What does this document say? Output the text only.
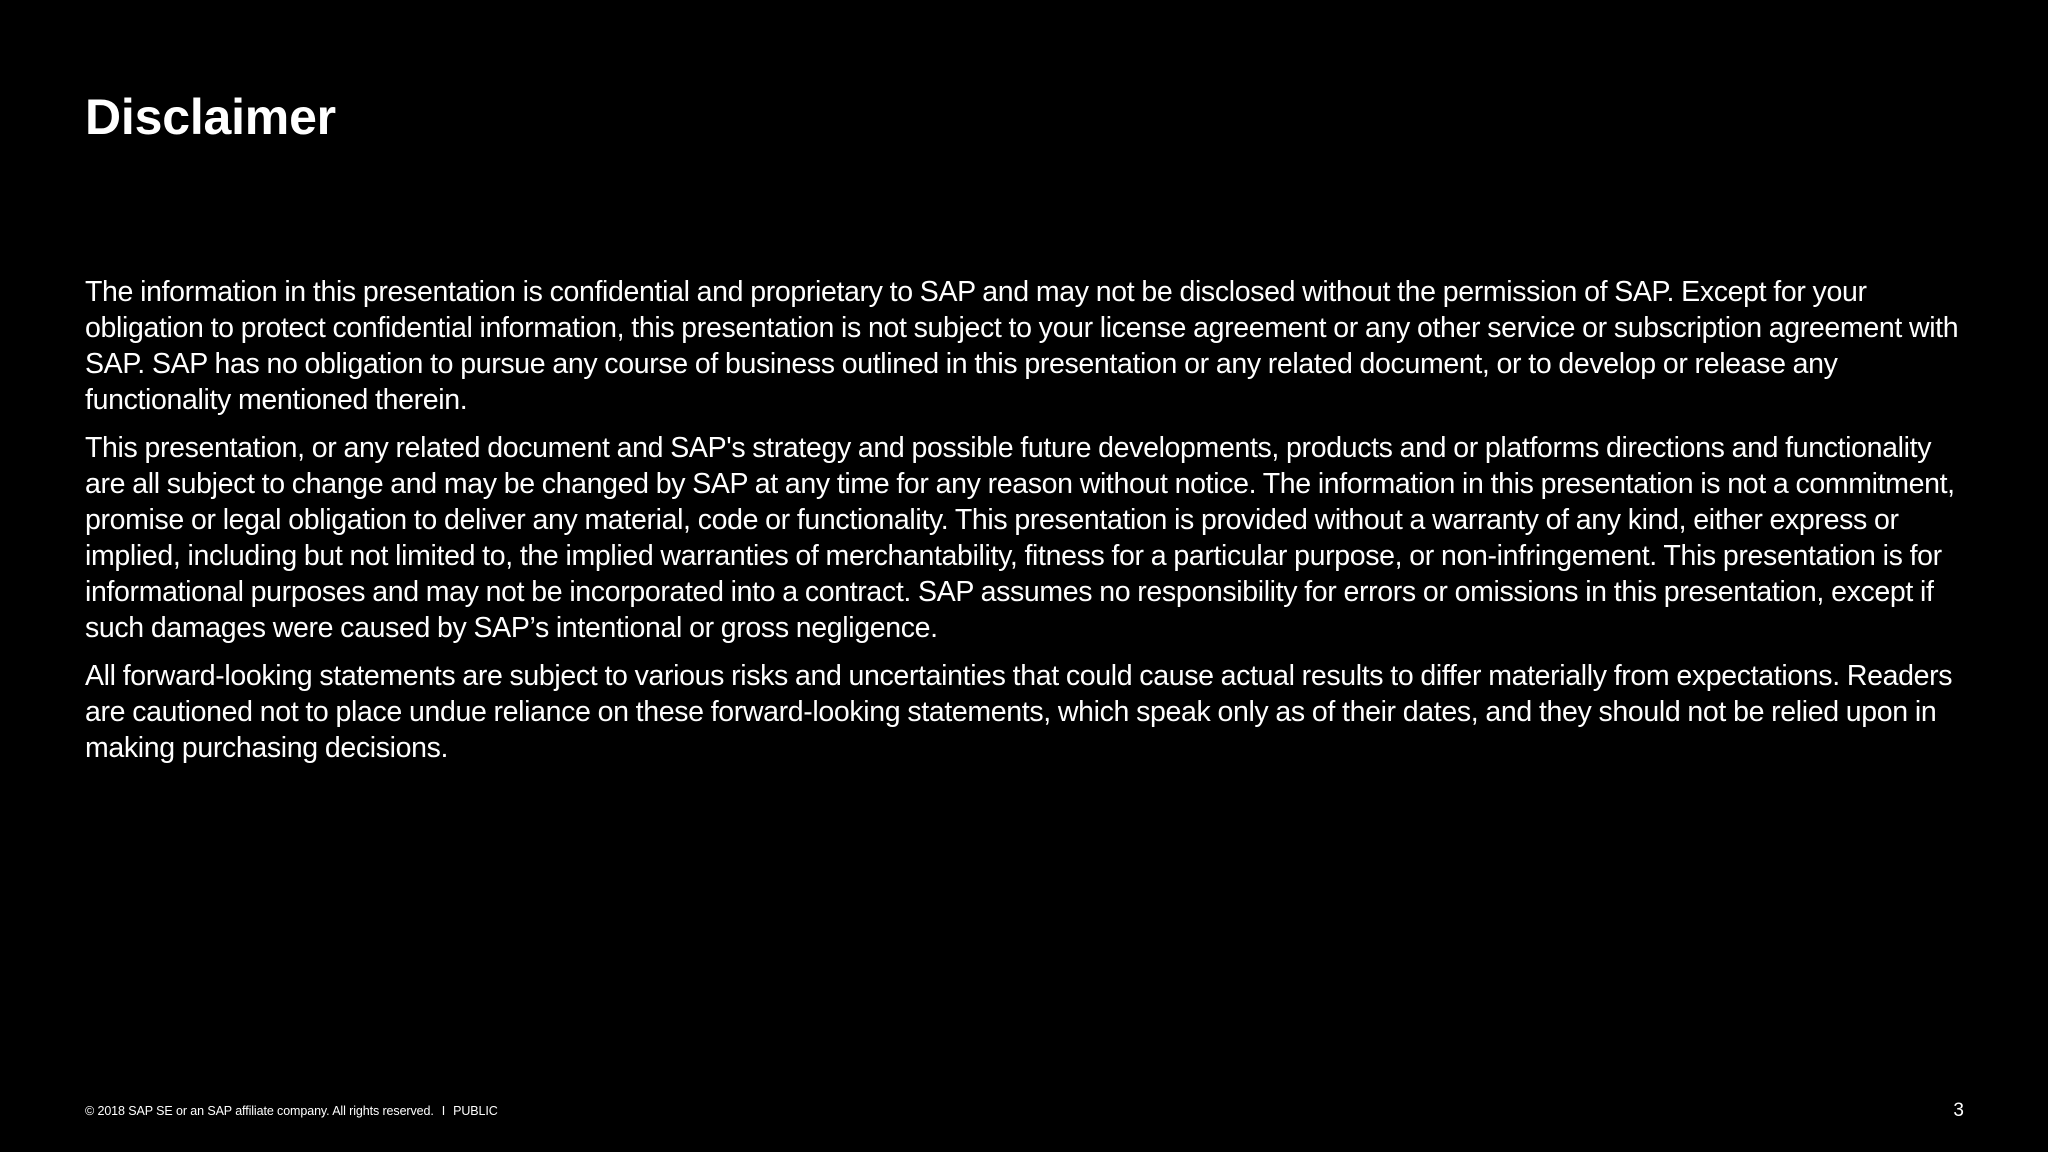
Disclaimer

The information in this presentation is confidential and proprietary to SAP and may not be disclosed without the permission of SAP. Except for your obligation to protect confidential information, this presentation is not subject to your license agreement or any other service or subscription agreement with SAP. SAP has no obligation to pursue any course of business outlined in this presentation or any related document, or to develop or release any functionality mentioned therein.

This presentation, or any related document and SAP's strategy and possible future developments, products and or platforms directions and functionality are all subject to change and may be changed by SAP at any time for any reason without notice. The information in this presentation is not a commitment, promise or legal obligation to deliver any material, code or functionality. This presentation is provided without a warranty of any kind, either express or implied, including but not limited to, the implied warranties of merchantability, fitness for a particular purpose, or non-infringement. This presentation is for informational purposes and may not be incorporated into a contract. SAP assumes no responsibility for errors or omissions in this presentation, except if such damages were caused by SAP’s intentional or gross negligence.

All forward-looking statements are subject to various risks and uncertainties that could cause actual results to differ materially from expectations. Readers are cautioned not to place undue reliance on these forward-looking statements, which speak only as of their dates, and they should not be relied upon in making purchasing decisions.

© 2018 SAP SE or an SAP affiliate company. All rights reserved. I PUBLIC	3
